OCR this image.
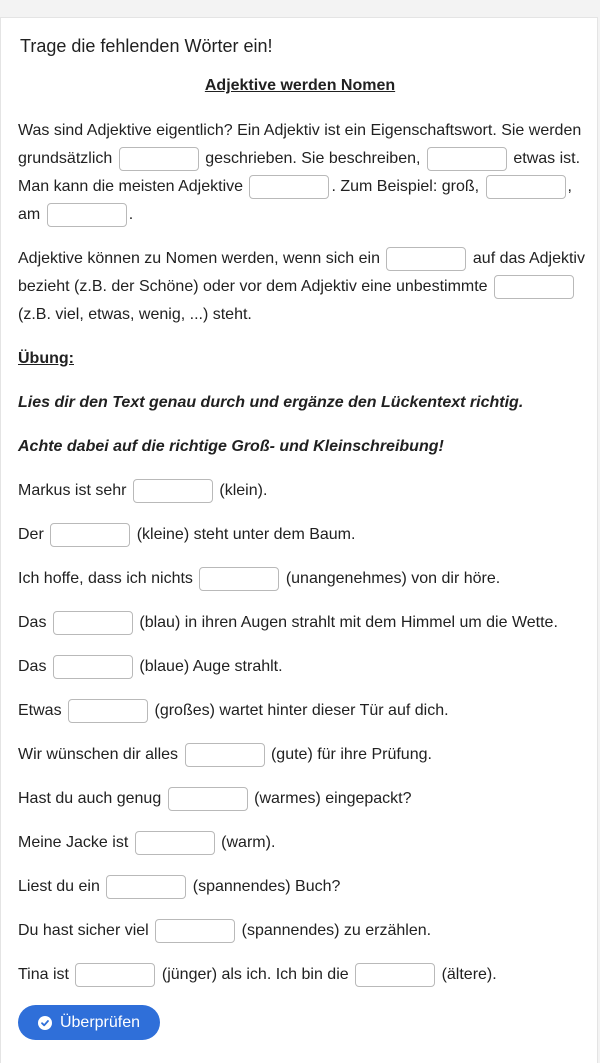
Trage die fehlenden Wörter ein!
Adjektive werden Nomen
Was sind Adjektive eigentlich? Ein Adjektiv ist ein Eigenschaftswort. Sie werden grundsätzlich	geschrieben. Sie beschreiben,	etwas ist. Man kann die meisten Adjektive	. Zum Beispiel: groß,	, am	.
Adjektive können zu Nomen werden, wenn sich ein	auf das Adjektiv bezieht (z.B. der Schöne) oder vor dem Adjektiv eine unbestimmte  (z.B. viel, etwas, wenig, ...) steht.
Übung:
Lies dir den Text genau durch und ergänze den Lückentext richtig.
Achte dabei auf die richtige Groß- und Kleinschreibung!
Markus ist sehr	(klein).
Der	(kleine) steht unter dem Baum.
Ich hoffe, dass ich nichts	(unangenehmes) von dir höre.
Das	(blau) in ihren Augen strahlt mit dem Himmel um die Wette.
Das	(blaue) Auge strahlt.
Etwas	(großes) wartet hinter dieser Tür auf dich.
Wir wünschen dir alles	(gute) für ihre Prüfung.
Hast du auch genug	(warmes) eingepackt?
Meine Jacke ist	(warm).
Liest du ein	(spannendes) Buch?
Du hast sicher viel	(spannendes) zu erzählen.
Tina ist	(jünger) als ich. Ich bin die	(ältere).
Überprüfen
